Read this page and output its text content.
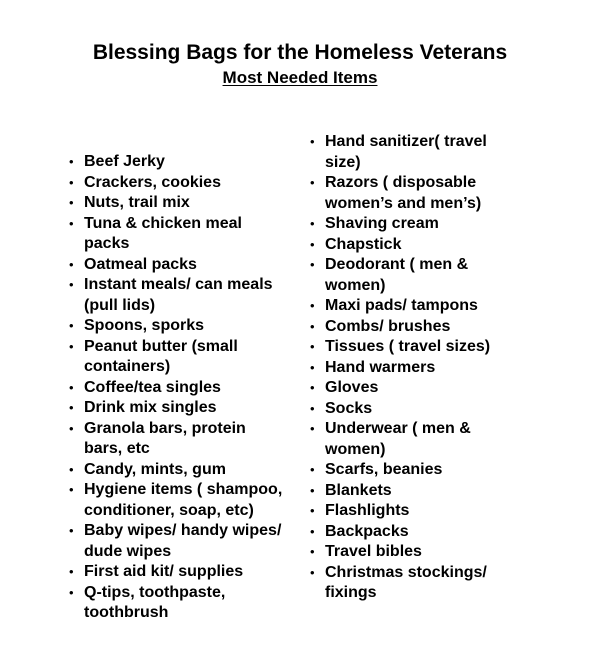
Blessing Bags for the Homeless Veterans
Most Needed Items
• Beef Jerky
• Crackers, cookies
• Nuts, trail mix
• Tuna & chicken meal packs
• Oatmeal packs
• Instant meals/ can meals (pull lids)
• Spoons, sporks
• Peanut butter (small containers)
• Coffee/tea singles
• Drink mix singles
• Granola bars, protein bars, etc
• Candy, mints, gum
• Hygiene items ( shampoo, conditioner, soap, etc)
• Baby wipes/ handy wipes/ dude wipes
• First aid kit/ supplies
• Q-tips, toothpaste, toothbrush
• Hand sanitizer( travel size)
• Razors ( disposable women’s and men’s)
• Shaving cream
• Chapstick
• Deodorant ( men & women)
• Maxi pads/ tampons
• Combs/ brushes
• Tissues ( travel sizes)
• Hand warmers
• Gloves
• Socks
• Underwear ( men & women)
• Scarfs, beanies
• Blankets
• Flashlights
• Backpacks
• Travel bibles
• Christmas stockings/ fixings
